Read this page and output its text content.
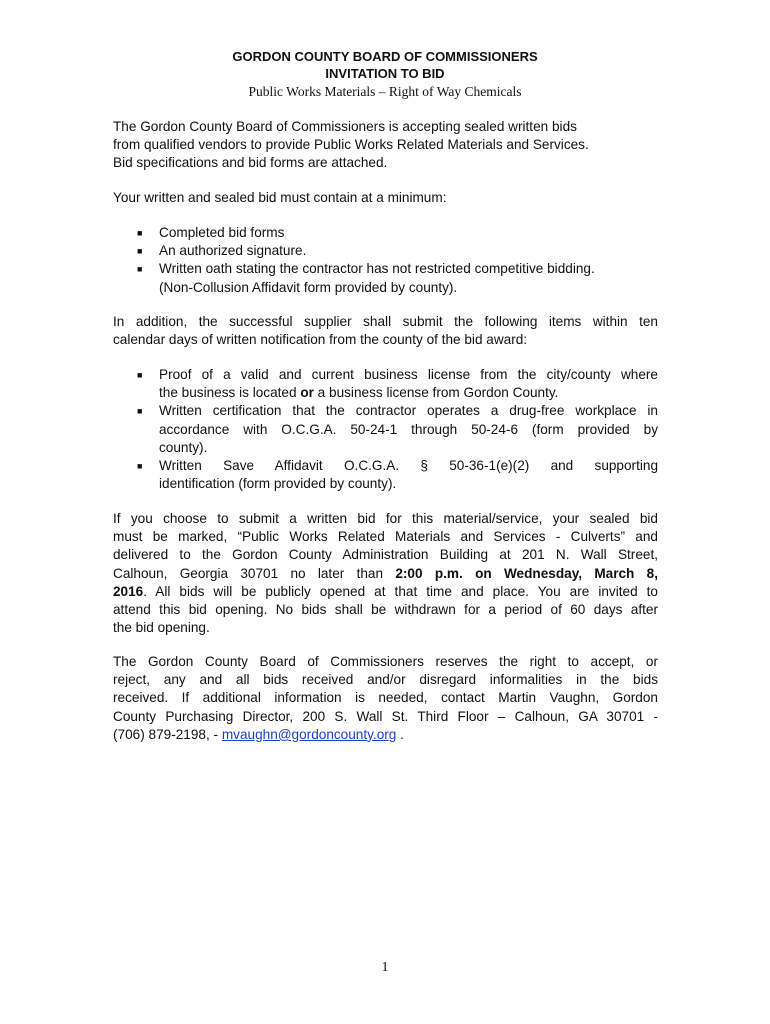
GORDON COUNTY BOARD OF COMMISSIONERS
INVITATION TO BID
Public Works Materials – Right of Way Chemicals
The Gordon County Board of Commissioners is accepting sealed written bids
from qualified vendors to provide Public Works Related Materials and Services.
Bid specifications and bid forms are attached.
Your written and sealed bid must contain at a minimum:
■ Completed bid forms
■ An authorized signature.
■ Written oath stating the contractor has not restricted competitive bidding.
(Non-Collusion Affidavit form provided by county).
In addition, the successful supplier shall submit the following items within ten
calendar days of written notification from the county of the bid award:
■ Proof of a valid and current business license from the city/county where
the business is located or a business license from Gordon County.
■ Written certification that the contractor operates a drug-free workplace in
accordance with O.C.G.A. 50-24-1 through 50-24-6 (form provided by
county).
■ Written Save Affidavit O.C.G.A. § 50-36-1(e)(2) and supporting
identification (form provided by county).
If you choose to submit a written bid for this material/service, your sealed bid
must be marked, “Public Works Related Materials and Services - Culverts” and
delivered to the Gordon County Administration Building at 201 N. Wall Street,
Calhoun, Georgia 30701 no later than 2:00 p.m. on Wednesday, March 8,
2016. All bids will be publicly opened at that time and place. You are invited to
attend this bid opening. No bids shall be withdrawn for a period of 60 days after
the bid opening.
The Gordon County Board of Commissioners reserves the right to accept, or
reject, any and all bids received and/or disregard informalities in the bids
received. If additional information is needed, contact Martin Vaughn, Gordon
County Purchasing Director, 200 S. Wall St. Third Floor – Calhoun, GA 30701 -
(706) 879-2198, - mvaughn@gordoncounty.org .
1
